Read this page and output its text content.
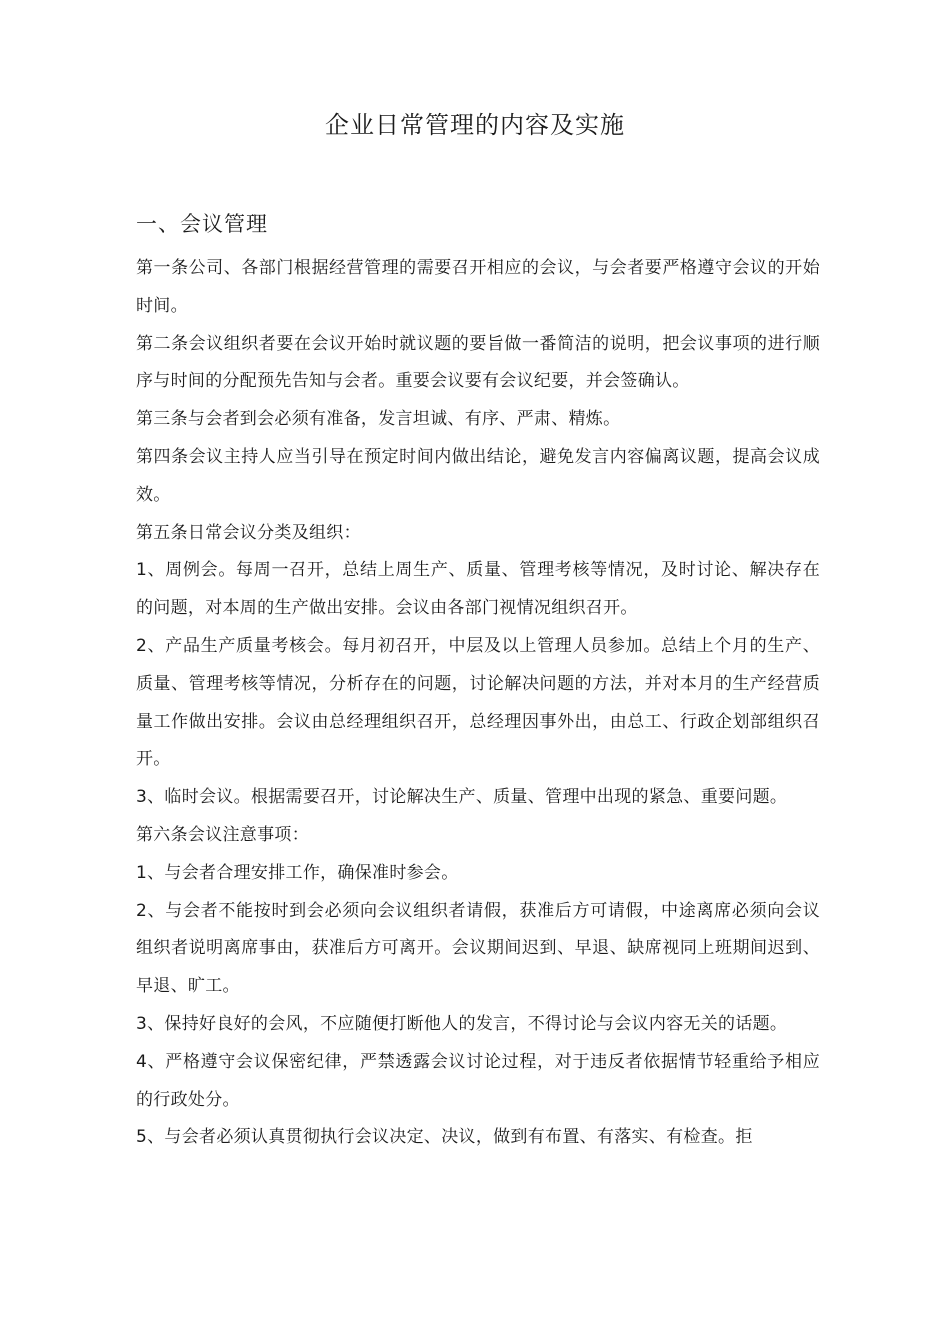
企业日常管理的内容及实施
一、会议管理

第一条公司、各部门根据经营管理的需要召开相应的会议，与会者要严格遵守会议的开始时间。

第二条会议组织者要在会议开始时就议题的要旨做一番简洁的说明，把会议事项的进行顺序与时间的分配预先告知与会者。重要会议要有会议纪要，并会签确认。

第三条与会者到会必须有准备，发言坦诚、有序、严肃、精炼。

第四条会议主持人应当引导在预定时间内做出结论，避免发言内容偏离议题，提高会议成效。

第五条日常会议分类及组织：

1、周例会。每周一召开，总结上周生产、质量、管理考核等情况，及时讨论、解决存在的问题，对本周的生产做出安排。会议由各部门视情况组织召开。

2、产品生产质量考核会。每月初召开，中层及以上管理人员参加。总结上个月的生产、质量、管理考核等情况，分析存在的问题，讨论解决问题的方法，并对本月的生产经营质量工作做出安排。会议由总经理组织召开，总经理因事外出，由总工、行政企划部组织召开。

3、临时会议。根据需要召开，讨论解决生产、质量、管理中出现的紧急、重要问题。

第六条会议注意事项：

1、与会者合理安排工作，确保准时参会。

2、与会者不能按时到会必须向会议组织者请假，获准后方可请假，中途离席必须向会议组织者说明离席事由，获准后方可离开。会议期间迟到、早退、缺席视同上班期间迟到、早退、旷工。

3、保持好良好的会风，不应随便打断他人的发言，不得讨论与会议内容无关的话题。

4、严格遵守会议保密纪律，严禁透露会议讨论过程，对于违反者依据情节轻重给予相应的行政处分。

5、与会者必须认真贯彻执行会议决定、决议，做到有布置、有落实、有检查。拒
